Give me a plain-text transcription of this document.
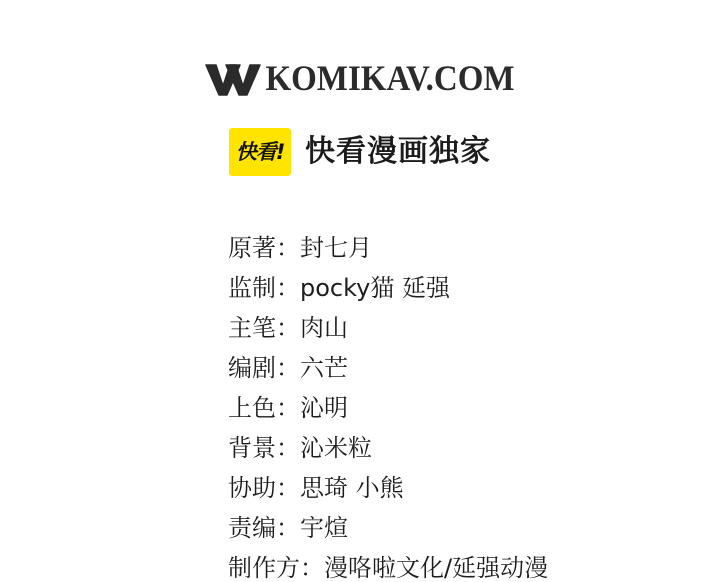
KOMIKAV.COM
快看! 快看漫画独家
原著：封七月
监制：pocky猫 延强
主笔：肉山
编剧：六芒
上色：沁明
背景：沁米粒
协助：思琦 小熊
责编：宇煊
制作方：漫咯啦文化/延强动漫
